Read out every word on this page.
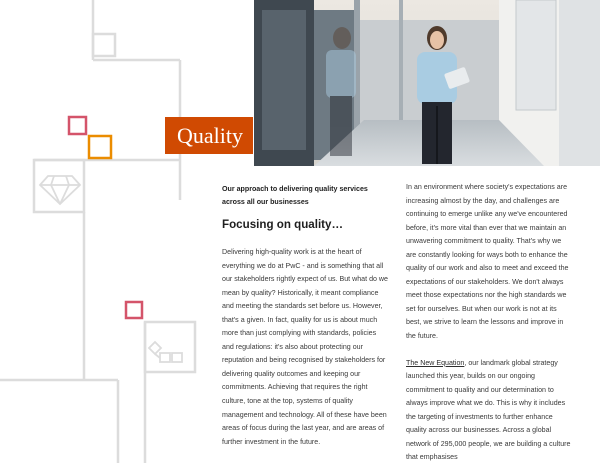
Quality

Our approach to delivering quality services across all our businesses

Focusing on quality…

Delivering high-quality work is at the heart of everything we do at PwC - and is something that all our stakeholders rightly expect of us. But what do we mean by quality? Historically, it meant compliance and meeting the standards set before us. However, that's a given. In fact, quality for us is about much more than just complying with standards, policies and regulations: it's also about protecting our reputation and being recognised by stakeholders for delivering quality outcomes and keeping our commitments. Achieving that requires the right culture, tone at the top, systems of quality management and technology. All of these have been areas of focus during the last year, and are areas of further investment in the future.

In an environment where society's expectations are increasing almost by the day, and challenges are continuing to emerge unlike any we've encountered before, it's more vital than ever that we maintain an unwavering commitment to quality. That's why we are constantly looking for ways both to enhance the quality of our work and also to meet and exceed the expectations of our stakeholders. We don't always meet those expectations nor the high standards we set for ourselves. But when our work is not at its best, we strive to learn the lessons and improve in the future.

The New Equation, our landmark global strategy launched this year, builds on our ongoing commitment to quality and our determination to always improve what we do. This is why it includes the targeting of investments to further enhance quality across our businesses. Across a global network of 295,000 people, we are building a culture that emphasises
